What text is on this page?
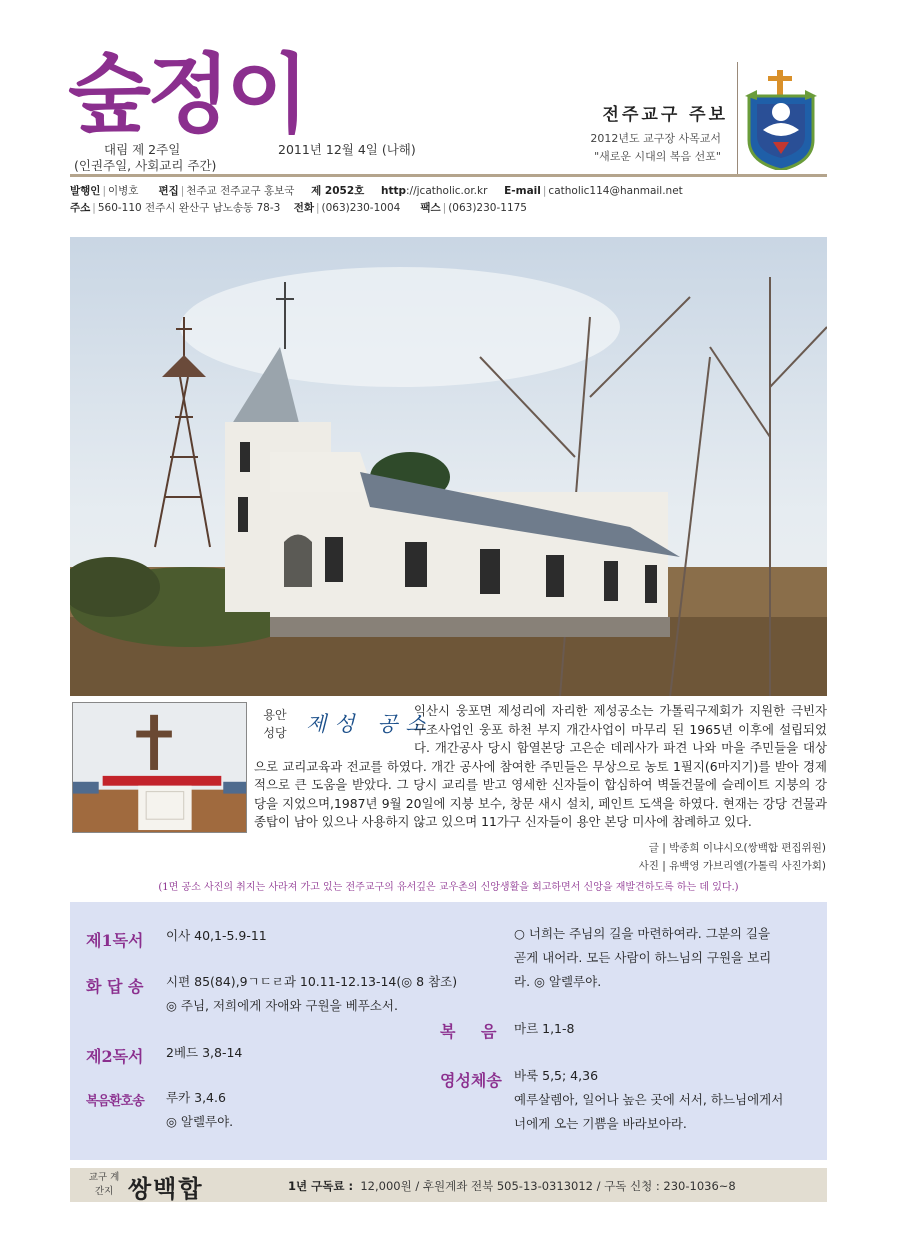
숲정이
대림 제 2주일	2011년 12월 4일 (나해)
(인권주일, 사회교리 주간)
전주교구 주보
2012년도 교구장 사목교서
"새로운 시대의 복음 선포"
발행인 | 이병호 편집 | 천주교 전주교구 홍보국 제 2052호 http://jcatholic.or.kr E-mail | catholic114@hanmail.net
주소 | 560-110 전주시 완산구 남노송동 78-3 전화 | (063)230-1004 팩스 | (063)230-1175
용안 성당 제성 공소
익산시 웅포면 제성리에 자리한 제성공소는 가톨릭구제회가 지원한 극빈자 구조사업인 웅포 하천 부지 개간사업이 마무리 된 1965년 이후에 설립되었다. 개간공사 당시 함열본당 고은순 데레사가 파견 나와 마을 주민들을 대상으로 교리교육과 전교를 하였다. 개간 공사에 참여한 주민들은 무상으로 농토 1필지(6마지기)를 받아 경제적으로 큰 도움을 받았다. 그 당시 교리를 받고 영세한 신자들이 합심하여 벽돌건물에 슬레이트 지붕의 강당을 지었으며,1987년 9월 20일에 지붕 보수, 창문 새시 설치, 페인트 도색을 하였다. 현재는 강당 건물과 종탑이 남아 있으나 사용하지 않고 있으며 11가구 신자들이 용안 본당 미사에 참례하고 있다.
글 | 박종희 이냐시오(쌍백합 편집위원)
사진 | 유백영 가브리엘(가톨릭 사진가회)
(1면 공소 사진의 취지는 사라져 가고 있는 전주교구의 유서깊은 교우촌의 신앙생활을 회고하면서 신앙을 재발견하도록 하는 데 있다.)
제1독서 이사 40,1-5.9-11
화 답 송 시편 85(84),9ㄱㄷㄹ과 10.11-12.13-14(◎ 8 참조)
◎ 주님, 저희에게 자애와 구원을 베푸소서.
제2독서 2베드 3,8-14
복음환호송 루카 3,4.6
◎ 알렐루야.
○ 너희는 주님의 길을 마련하여라. 그분의 길을
곧게 내어라. 모든 사람이 하느님의 구원을 보리
라. ◎ 알렐루야.
복 음 마르 1,1-8
영성체송 바룩 5,5; 4,36
예루살렘아, 일어나 높은 곳에 서서, 하느님에게서
너에게 오는 기쁨을 바라보아라.
교구 계간지 쌍백합	1년 구독료 : 12,000원 / 후원계좌 전북 505-13-0313012 / 구독 신청 : 230-1036~8
